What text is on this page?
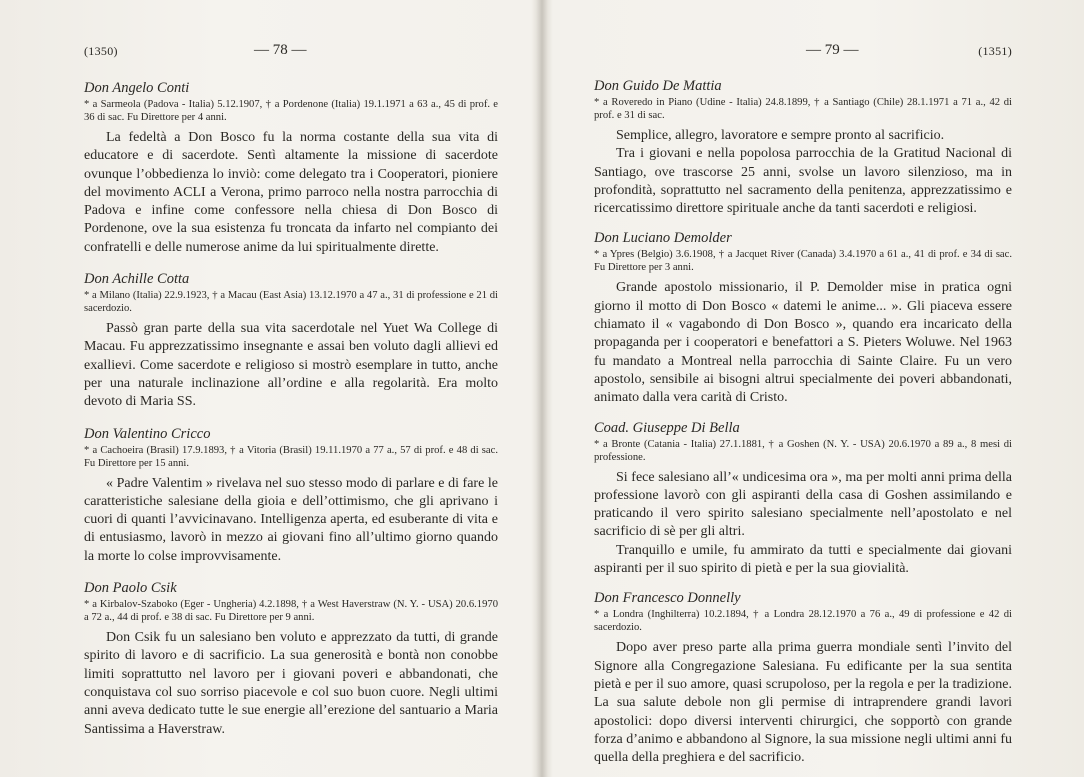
(1350)	— 78 —

Don Angelo Conti

* a Sarmeola (Padova - Italia) 5.12.1907, † a Pordenone (Italia) 19.1.1971 a 63 a., 45 di prof. e 36 di sac. Fu Direttore per 4 anni.

La fedeltà a Don Bosco fu la norma costante della sua vita di educatore e di sacerdote. Sentì altamente la missione di sacerdote ovunque l’obbedienza lo inviò: come delegato tra i Cooperatori, pioniere del movimento ACLI a Verona, primo parroco nella nostra parrocchia di Padova e infine come confessore nella chiesa di Don Bosco di Pordenone, ove la sua esistenza fu troncata da infarto nel compianto dei confratelli e delle numerose anime da lui spiritualmente dirette.

Don Achille Cotta

* a Milano (Italia) 22.9.1923, † a Macau (East Asia) 13.12.1970 a 47 a., 31 di professione e 21 di sacerdozio.

Passò gran parte della sua vita sacerdotale nel Yuet Wa College di Macau. Fu apprezzatissimo insegnante e assai ben voluto dagli allievi ed exallievi. Come sacerdote e religioso si mostrò esemplare in tutto, anche per una naturale inclinazione all’ordine e alla regolarità. Era molto devoto di Maria SS.

Don Valentino Cricco

* a Cachoeira (Brasil) 17.9.1893, † a Vitoria (Brasil) 19.11.1970 a 77 a., 57 di prof. e 48 di sac. Fu Direttore per 15 anni.

« Padre Valentim » rivelava nel suo stesso modo di parlare e di fare le caratteristiche salesiane della gioia e dell’ottimismo, che gli aprivano i cuori di quanti l’avvicinavano. Intelligenza aperta, ed esuberante di vita e di entusiasmo, lavorò in mezzo ai giovani fino all’ultimo giorno quando la morte lo colse improvvisamente.

Don Paolo Csik

* a Kirbalov-Szaboko (Eger - Ungheria) 4.2.1898, † a West Haverstraw (N. Y. - USA) 20.6.1970 a 72 a., 44 di prof. e 38 di sac. Fu Direttore per 9 anni.

Don Csik fu un salesiano ben voluto e apprezzato da tutti, di grande spirito di lavoro e di sacrificio. La sua generosità e bontà non conobbe limiti soprattutto nel lavoro per i giovani poveri e abbandonati, che conquistava col suo sorriso piacevole e col suo buon cuore. Negli ultimi anni aveva dedicato tutte le sue energie all’erezione del santuario a Maria Santissima a Haverstraw.

— 79 —	(1351)

Don Guido De Mattia

* a Roveredo in Piano (Udine - Italia) 24.8.1899, † a Santiago (Chile) 28.1.1971 a 71 a., 42 di prof. e 31 di sac.

Semplice, allegro, lavoratore e sempre pronto al sacrificio.

Tra i giovani e nella popolosa parrocchia de la Gratitud Nacional di Santiago, ove trascorse 25 anni, svolse un lavoro silenzioso, ma in profondità, soprattutto nel sacramento della penitenza, apprezzatissimo e ricercatissimo direttore spirituale anche da tanti sacerdoti e religiosi.

Don Luciano Demolder

* a Ypres (Belgio) 3.6.1908, † a Jacquet River (Canada) 3.4.1970 a 61 a., 41 di prof. e 34 di sac. Fu Direttore per 3 anni.

Grande apostolo missionario, il P. Demolder mise in pratica ogni giorno il motto di Don Bosco « datemi le anime... ». Gli piaceva essere chiamato il « vagabondo di Don Bosco », quando era incaricato della propaganda per i cooperatori e benefattori a S. Pieters Woluwe. Nel 1963 fu mandato a Montreal nella parrocchia di Sainte Claire. Fu un vero apostolo, sensibile ai bisogni altrui specialmente dei poveri abbandonati, animato dalla vera carità di Cristo.

Coad. Giuseppe Di Bella

* a Bronte (Catania - Italia) 27.1.1881, † a Goshen (N. Y. - USA) 20.6.1970 a 89 a., 8 mesi di professione.

Si fece salesiano all’« undicesima ora », ma per molti anni prima della professione lavorò con gli aspiranti della casa di Goshen assimilando e praticando il vero spirito salesiano specialmente nell’apostolato e nel sacrificio di sè per gli altri.

Tranquillo e umile, fu ammirato da tutti e specialmente dai giovani aspiranti per il suo spirito di pietà e per la sua giovialità.

Don Francesco Donnelly

* a Londra (Inghilterra) 10.2.1894, † a Londra 28.12.1970 a 76 a., 49 di professione e 42 di sacerdozio.

Dopo aver preso parte alla prima guerra mondiale sentì l’invito del Signore alla Congregazione Salesiana. Fu edificante per la sua sentita pietà e per il suo amore, quasi scrupoloso, per la regola e per la tradizione. La sua salute debole non gli permise di intraprendere grandi lavori apostolici: dopo diversi interventi chirurgici, che sopportò con grande forza d’animo e abbandono al Signore, la sua missione negli ultimi anni fu quella della preghiera e del sacrificio.
